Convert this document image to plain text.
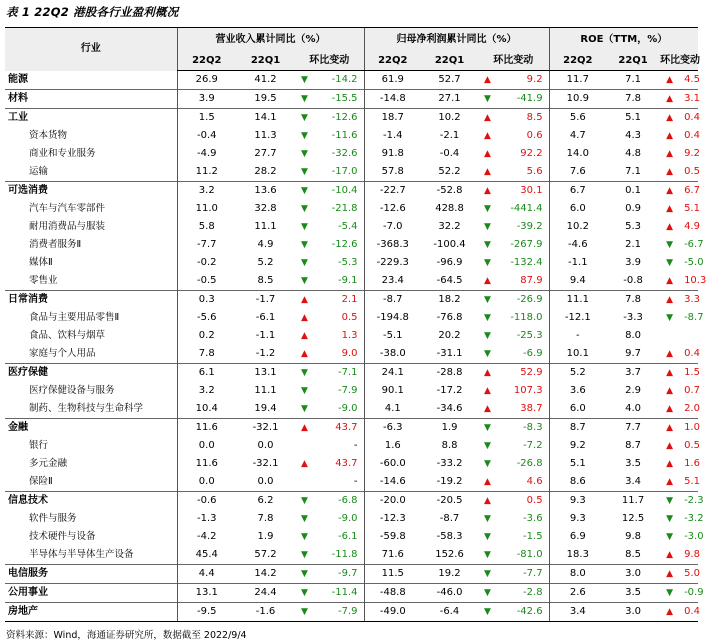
表 1 22Q2 港股各行业盈利概况
行业	营业收入累计同比（%）				归母净利润累计同比（%）				ROE（TTM，%）			
	22Q2	22Q1	环比变动		22Q2	22Q1	环比变动		22Q2	22Q1	环比变动	
能源	26.9	41.2	▼	-14.2	61.9	52.7	▲	9.2	11.7	7.1	▲	4.5
材料	3.9	19.5	▼	-15.5	-14.8	27.1	▼	-41.9	10.9	7.8	▲	3.1
工业	1.5	14.1	▼	-12.6	18.7	10.2	▲	8.5	5.6	5.1	▲	0.4
资本货物	-0.4	11.3	▼	-11.6	-1.4	-2.1	▲	0.6	4.7	4.3	▲	0.4
商业和专业服务	-4.9	27.7	▼	-32.6	91.8	-0.4	▲	92.2	14.0	4.8	▲	9.2
运输	11.2	28.2	▼	-17.0	57.8	52.2	▲	5.6	7.6	7.1	▲	0.5
可选消费	3.2	13.6	▼	-10.4	-22.7	-52.8	▲	30.1	6.7	0.1	▲	6.7
汽车与汽车零部件	11.0	32.8	▼	-21.8	-12.6	428.8	▼	-441.4	6.0	0.9	▲	5.1
耐用消费品与服装	5.8	11.1	▼	-5.4	-7.0	32.2	▼	-39.2	10.2	5.3	▲	4.9
消费者服务Ⅱ	-7.7	4.9	▼	-12.6	-368.3	-100.4	▼	-267.9	-4.6	2.1	▼	-6.7
媒体Ⅱ	-0.2	5.2	▼	-5.3	-229.3	-96.9	▼	-132.4	-1.1	3.9	▼	-5.0
零售业	-0.5	8.5	▼	-9.1	23.4	-64.5	▲	87.9	9.4	-0.8	▲	10.3
日常消费	0.3	-1.7	▲	2.1	-8.7	18.2	▼	-26.9	11.1	7.8	▲	3.3
食品与主要用品零售Ⅱ	-5.6	-6.1	▲	0.5	-194.8	-76.8	▼	-118.0	-12.1	-3.3	▼	-8.7
食品、饮料与烟草	0.2	-1.1	▲	1.3	-5.1	20.2	▼	-25.3	-	8.0		
家庭与个人用品	7.8	-1.2	▲	9.0	-38.0	-31.1	▼	-6.9	10.1	9.7	▲	0.4
医疗保健	6.1	13.1	▼	-7.1	24.1	-28.8	▲	52.9	5.2	3.7	▲	1.5
医疗保健设备与服务	3.2	11.1	▼	-7.9	90.1	-17.2	▲	107.3	3.6	2.9	▲	0.7
制药、生物科技与生命科学	10.4	19.4	▼	-9.0	4.1	-34.6	▲	38.7	6.0	4.0	▲	2.0
金融	11.6	-32.1	▲	43.7	-6.3	1.9	▼	-8.3	8.7	7.7	▲	1.0
银行	0.0	0.0		-	1.6	8.8	▼	-7.2	9.2	8.7	▲	0.5
多元金融	11.6	-32.1	▲	43.7	-60.0	-33.2	▼	-26.8	5.1	3.5	▲	1.6
保险Ⅱ	0.0	0.0		-	-14.6	-19.2	▲	4.6	8.6	3.4	▲	5.1
信息技术	-0.6	6.2	▼	-6.8	-20.0	-20.5	▲	0.5	9.3	11.7	▼	-2.3
软件与服务	-1.3	7.8	▼	-9.0	-12.3	-8.7	▼	-3.6	9.3	12.5	▼	-3.2
技术硬件与设备	-4.2	1.9	▼	-6.1	-59.8	-58.3	▼	-1.5	6.9	9.8	▼	-3.0
半导体与半导体生产设备	45.4	57.2	▼	-11.8	71.6	152.6	▼	-81.0	18.3	8.5	▲	9.8
电信服务	4.4	14.2	▼	-9.7	11.5	19.2	▼	-7.7	8.0	3.0	▲	5.0
公用事业	13.1	24.4	▼	-11.4	-48.8	-46.0	▼	-2.8	2.6	3.5	▼	-0.9
房地产	-9.5	-1.6	▼	-7.9	-49.0	-6.4	▼	-42.6	3.4	3.0	▲	0.4
资料来源：Wind，海通证券研究所，数据截至 2022/9/4
